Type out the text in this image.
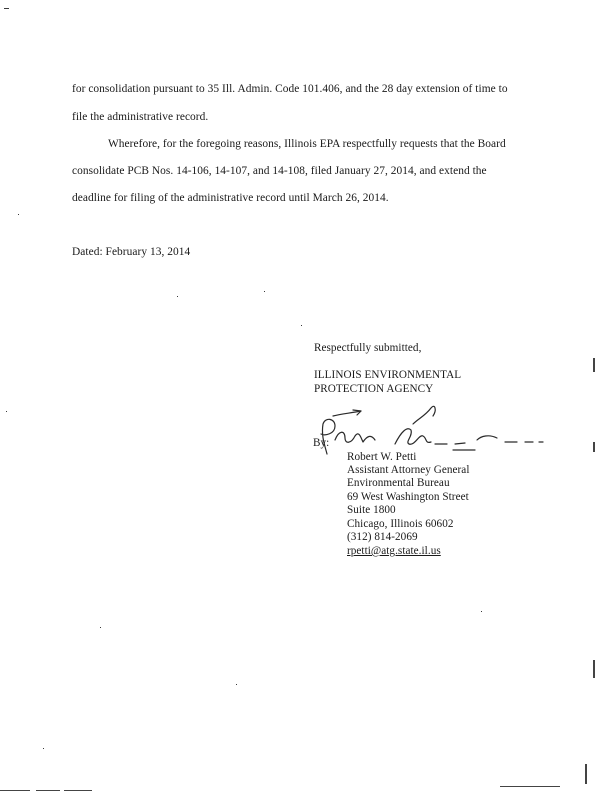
for consolidation pursuant to 35 Ill. Admin. Code 101.406, and the 28 day extension of time to
file the administrative record.
Wherefore, for the foregoing reasons, Illinois EPA respectfully requests that the Board
consolidate PCB Nos. 14-106, 14-107, and 14-108, filed January 27, 2014, and extend the
deadline for filing of the administrative record until March 26, 2014.
Dated: February 13, 2014
Respectfully submitted,
ILLINOIS ENVIRONMENTAL
PROTECTION AGENCY
By:
Robert W. Petti
Assistant Attorney General
Environmental Bureau
69 West Washington Street
Suite 1800
Chicago, Illinois 60602
(312) 814-2069
rpetti@atg.state.il.us
